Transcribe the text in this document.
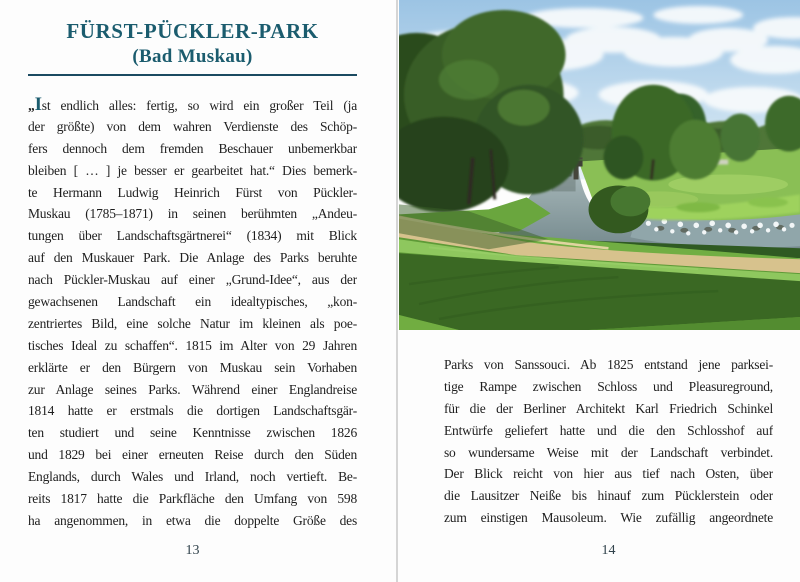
FÜRST-PÜCKLER-PARK
(Bad Muskau)
„Ist endlich alles: fertig, so wird ein großer Teil (ja
der größte) von dem wahren Verdienste des Schöp-
fers dennoch dem fremden Beschauer unbemerkbar
bleiben [ … ] je besser er gearbeitet hat.“ Dies bemerk-
te Hermann Ludwig Heinrich Fürst von Pückler-
Muskau (1785–1871) in seinen berühmten „Andeu-
tungen über Landschaftsgärtnerei“ (1834) mit Blick
auf den Muskauer Park. Die Anlage des Parks beruhte
nach Pückler-Muskau auf einer „Grund-Idee“, aus der
gewachsenen Landschaft ein idealtypisches, „kon-
zentriertes Bild, eine solche Natur im kleinen als poe-
tisches Ideal zu schaffen“. 1815 im Alter von 29 Jahren
erklärte er den Bürgern von Muskau sein Vorhaben
zur Anlage seines Parks. Während einer Englandreise
1814 hatte er erstmals die dortigen Landschaftsgär-
ten studiert und seine Kenntnisse zwischen 1826
und 1829 bei einer erneuten Reise durch den Süden
Englands, durch Wales und Irland, noch vertieft. Be-
reits 1817 hatte die Parkfläche den Umfang von 598
ha angenommen, in etwa die doppelte Größe des
13
Parks von Sanssouci. Ab 1825 entstand jene parksei-
tige Rampe zwischen Schloss und Pleasureground,
für die der Berliner Architekt Karl Friedrich Schinkel
Entwürfe geliefert hatte und die den Schlosshof auf
so wundersame Weise mit der Landschaft verbindet.
Der Blick reicht von hier aus tief nach Osten, über
die Lausitzer Neiße bis hinauf zum Pücklerstein oder
zum einstigen Mausoleum. Wie zufällig angeordnete
14
